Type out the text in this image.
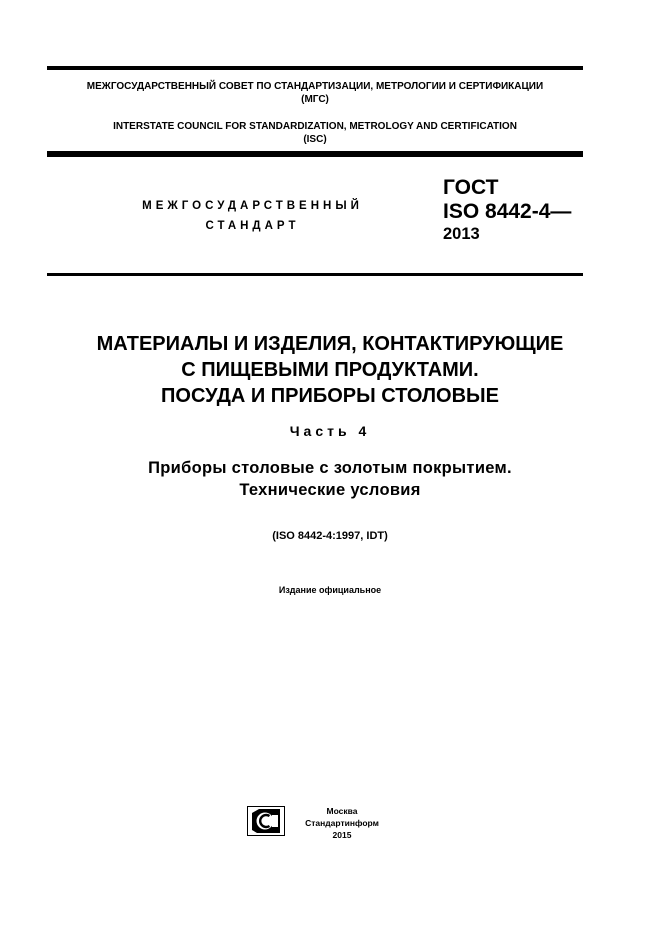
МЕЖГОСУДАРСТВЕННЫЙ СОВЕТ ПО СТАНДАРТИЗАЦИИ, МЕТРОЛОГИИ И СЕРТИФИКАЦИИ
(МГС)
INTERSTATE COUNCIL FOR STANDARDIZATION, METROLOGY AND CERTIFICATION
(ISC)
МЕЖГОСУДАРСТВЕННЫЙ
СТАНДАРТ
ГОСТ
ISO 8442-4—
2013
МАТЕРИАЛЫ И ИЗДЕЛИЯ, КОНТАКТИРУЮЩИЕ
С ПИЩЕВЫМИ ПРОДУКТАМИ.
ПОСУДА И ПРИБОРЫ СТОЛОВЫЕ
Часть 4
Приборы столовые с золотым покрытием.
Технические условия
(ISO 8442-4:1997, IDT)
Издание официальное
Москва
Стандартинформ
2015
